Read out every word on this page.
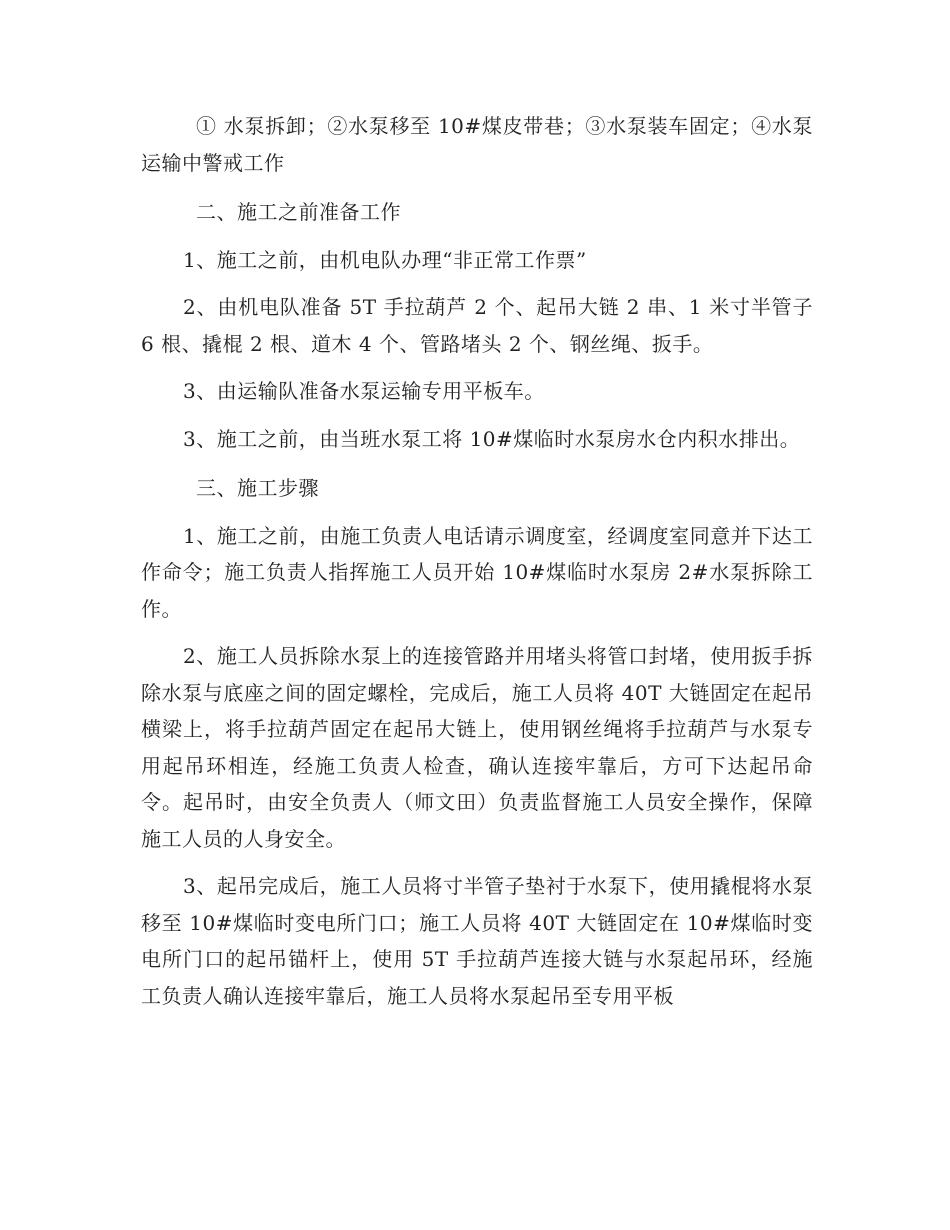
① 水泵拆卸；②水泵移至 10#煤皮带巷；③水泵装车固定；④水泵运输中警戒工作

二、施工之前准备工作

1、施工之前，由机电队办理“非正常工作票”

2、由机电队准备 5T 手拉葫芦 2 个、起吊大链 2 串、1 米寸半管子 6 根、撬棍 2 根、道木 4 个、管路堵头 2 个、钢丝绳、扳手。

3、由运输队准备水泵运输专用平板车。

3、施工之前，由当班水泵工将 10#煤临时水泵房水仓内积水排出。

三、施工步骤

1、施工之前，由施工负责人电话请示调度室，经调度室同意并下达工作命令；施工负责人指挥施工人员开始 10#煤临时水泵房 2#水泵拆除工作。

2、施工人员拆除水泵上的连接管路并用堵头将管口封堵，使用扳手拆除水泵与底座之间的固定螺栓，完成后，施工人员将 40T 大链固定在起吊横梁上，将手拉葫芦固定在起吊大链上，使用钢丝绳将手拉葫芦与水泵专用起吊环相连，经施工负责人检查，确认连接牢靠后，方可下达起吊命令。起吊时，由安全负责人（师文田）负责监督施工人员安全操作，保障施工人员的人身安全。

3、起吊完成后，施工人员将寸半管子垫衬于水泵下，使用撬棍将水泵移至 10#煤临时变电所门口；施工人员将 40T 大链固定在 10#煤临时变电所门口的起吊锚杆上，使用 5T 手拉葫芦连接大链与水泵起吊环，经施工负责人确认连接牢靠后，施工人员将水泵起吊至专用平板
